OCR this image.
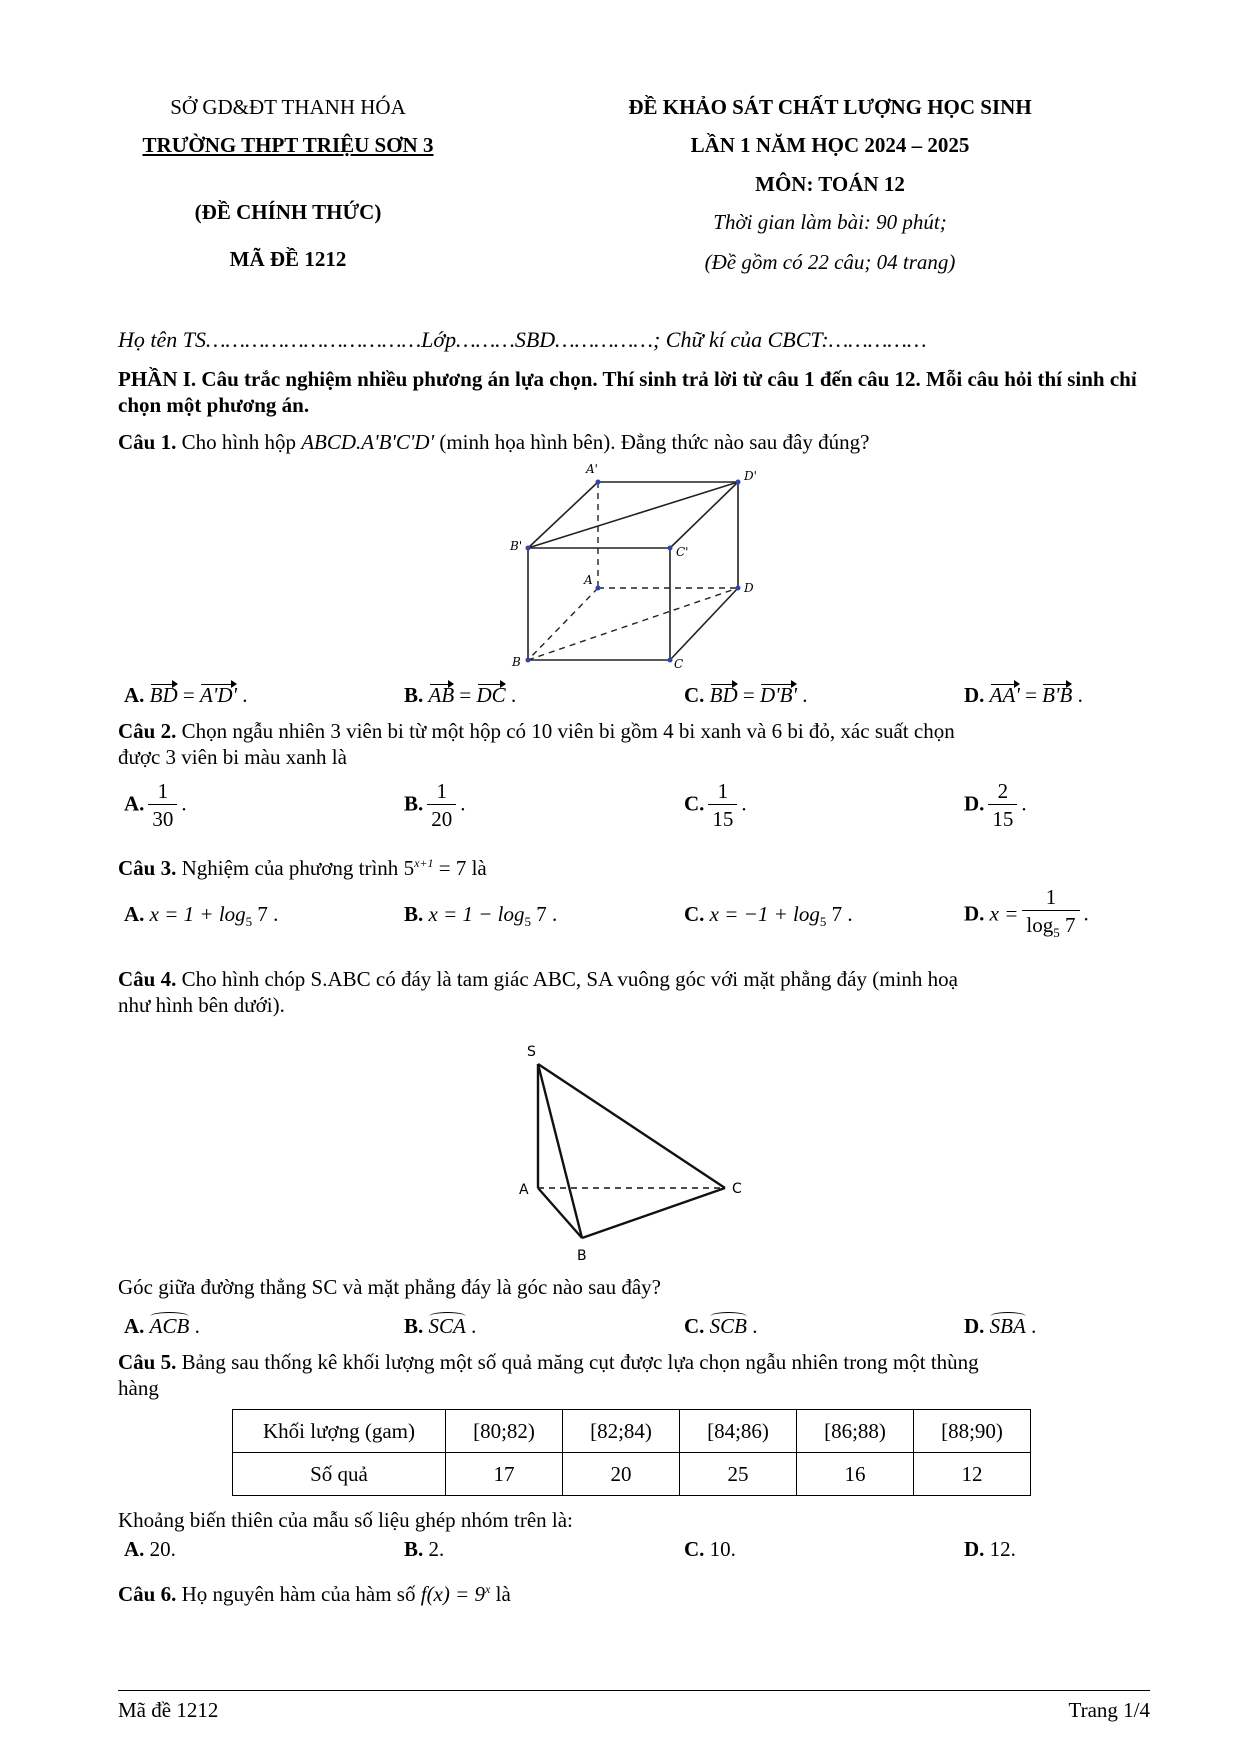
SỞ GD&ĐT THANH HÓA
TRƯỜNG THPT TRIỆU SƠN 3
(ĐỀ CHÍNH THỨC)
MÃ ĐỀ 1212
ĐỀ KHẢO SÁT CHẤT LƯỢNG HỌC SINH
LẦN 1 NĂM HỌC 2024 – 2025
MÔN: TOÁN 12
Thời gian làm bài: 90 phút;
(Đề gồm có 22 câu; 04 trang)
Họ tên TS……………………………Lớp………SBD……………; Chữ kí của CBCT:……………
PHẦN I. Câu trắc nghiệm nhiều phương án lựa chọn. Thí sinh trả lời từ câu 1 đến câu 12. Mỗi câu hỏi thí sinh chỉ chọn một phương án.
Câu 1. Cho hình hộp ABCD.A'B'C'D' (minh họa hình bên). Đẳng thức nào sau đây đúng?
A'	D'
B'	C'
A
D
B	C
A. BD = A'D' .	B. AB = DC .	C. BD = D'B' .	D. AA' = B'B .
Câu 2. Chọn ngẫu nhiên 3 viên bi từ một hộp có 10 viên bi gồm 4 bi xanh và 6 bi đỏ, xác suất chọn
được 3 viên bi màu xanh là
A. $\frac{1}{30}$ .	B. $\frac{1}{20}$ .	C. $\frac{1}{15}$ .	D. $\frac{2}{15}$ .
Câu 3. Nghiệm của phương trình $5^{x+1} = 7$ là
A. $x = 1 + \log_5 7$ .	B. $x = 1 - \log_5 7$ .	C. $x = -1 + \log_5 7$ .	D. $x = \frac{1}{\log_5 7}$ .
Câu 4. Cho hình chóp S.ABC có đáy là tam giác ABC, SA vuông góc với mặt phẳng đáy (minh hoạ
như hình bên dưới).
S
A	C
B
Góc giữa đường thẳng SC và mặt phẳng đáy là góc nào sau đây?
A. ACB .	B. SCA .	C. SCB .	D. SBA .
Câu 5. Bảng sau thống kê khối lượng một số quả măng cụt được lựa chọn ngẫu nhiên trong một thùng
hàng
Khối lượng (gam)	[80;82)	[82;84)	[84;86)	[86;88)	[88;90)
Số quả	17	20	25	16	12
Khoảng biến thiên của mẫu số liệu ghép nhóm trên là:
A. 20.	B. 2.	C. 10.	D. 12.
Câu 6. Họ nguyên hàm của hàm số $f(x) = 9^x$ là
Mã đề 1212	Trang 1/4
